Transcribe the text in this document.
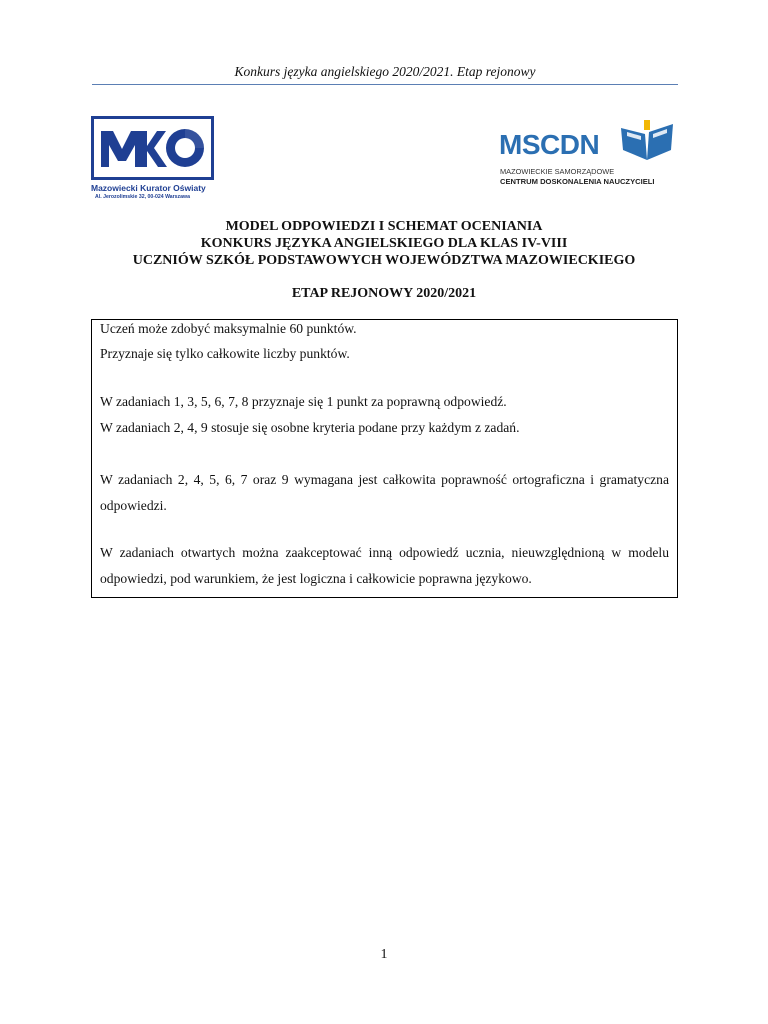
Konkurs języka angielskiego 2020/2021. Etap rejonowy
Mazowiecki Kurator Oświaty
Al. Jerozolimskie 32, 00-024 Warszawa
MSCDN
MAZOWIECKIE SAMORZĄDOWE
CENTRUM DOSKONALENIA NAUCZYCIELI
MODEL ODPOWIEDZI I SCHEMAT OCENIANIA
KONKURS JĘZYKA ANGIELSKIEGO DLA KLAS IV-VIII
UCZNIÓW SZKÓŁ PODSTAWOWYCH WOJEWÓDZTWA MAZOWIECKIEGO
ETAP REJONOWY 2020/2021
Uczeń może zdobyć maksymalnie 60 punktów.
Przyznaje się tylko całkowite liczby punktów.
W zadaniach 1, 3, 5, 6, 7, 8 przyznaje się 1 punkt za poprawną odpowiedź.
W zadaniach 2, 4, 9 stosuje się osobne kryteria podane przy każdym z zadań.
W zadaniach 2, 4, 5, 6, 7 oraz 9 wymagana jest całkowita poprawność ortograficzna i gramatyczna odpowiedzi.
W zadaniach otwartych można zaakceptować inną odpowiedź ucznia, nieuwzględnioną w modelu odpowiedzi, pod warunkiem, że jest logiczna i całkowicie poprawna językowo.
1
